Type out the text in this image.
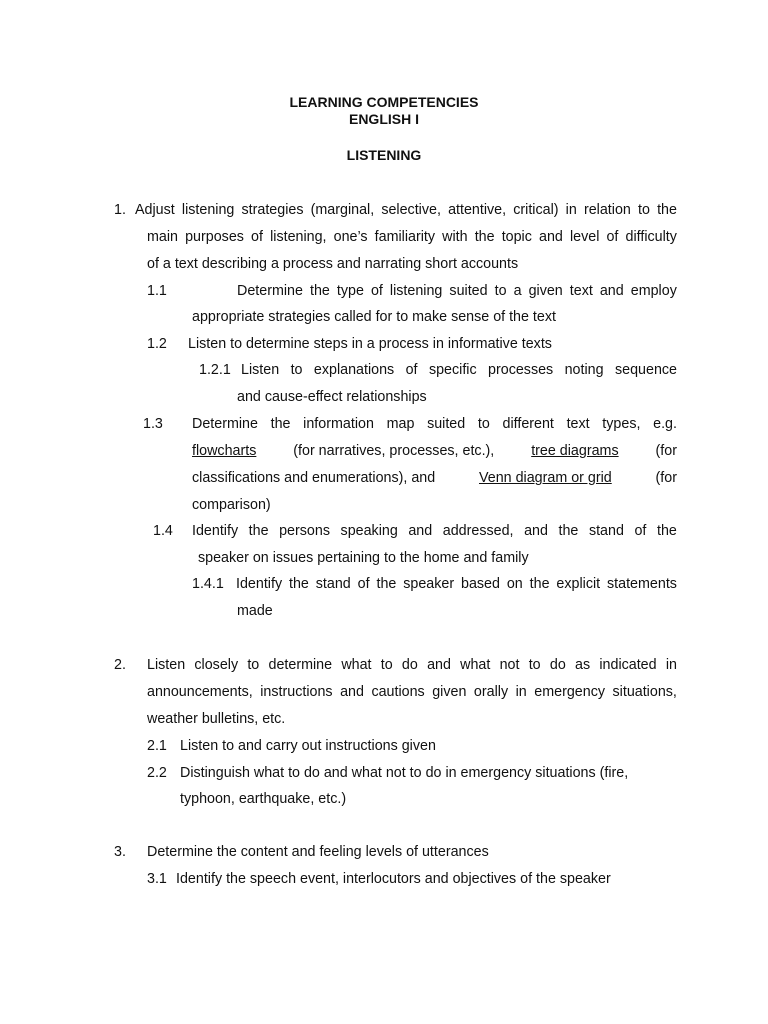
LEARNING COMPETENCIES
ENGLISH I
LISTENING
1. Adjust listening strategies (marginal, selective, attentive, critical) in relation to the
main purposes of listening, one’s familiarity with the topic and level of difficulty
of a text describing a process and narrating short accounts
1.1	Determine the type of listening suited to a given text and employ
appropriate strategies called for to make sense of the text
1.2 Listen to determine steps in a process in informative texts
1.2.1 Listen to explanations of specific processes noting sequence
and cause-effect relationships
1.3 Determine the information map suited to different text types, e.g.
flowcharts	(for narratives, processes, etc.),	tree diagrams	(for
classifications and enumerations), and	Venn diagram or grid	(for
comparison)
1.4 Identify the persons speaking and addressed, and the stand of the
speaker on issues pertaining to the home and family
1.4.1 Identify the stand of the speaker based on the explicit statements
made
2. Listen closely to determine what to do and what not to do as indicated in
announcements, instructions and cautions given orally in emergency situations,
weather bulletins, etc.
2.1 Listen to and carry out instructions given
2.2 Distinguish what to do and what not to do in emergency situations (fire,
typhoon, earthquake, etc.)
3. Determine the content and feeling levels of utterances
3.1 Identify the speech event, interlocutors and objectives of the speaker
